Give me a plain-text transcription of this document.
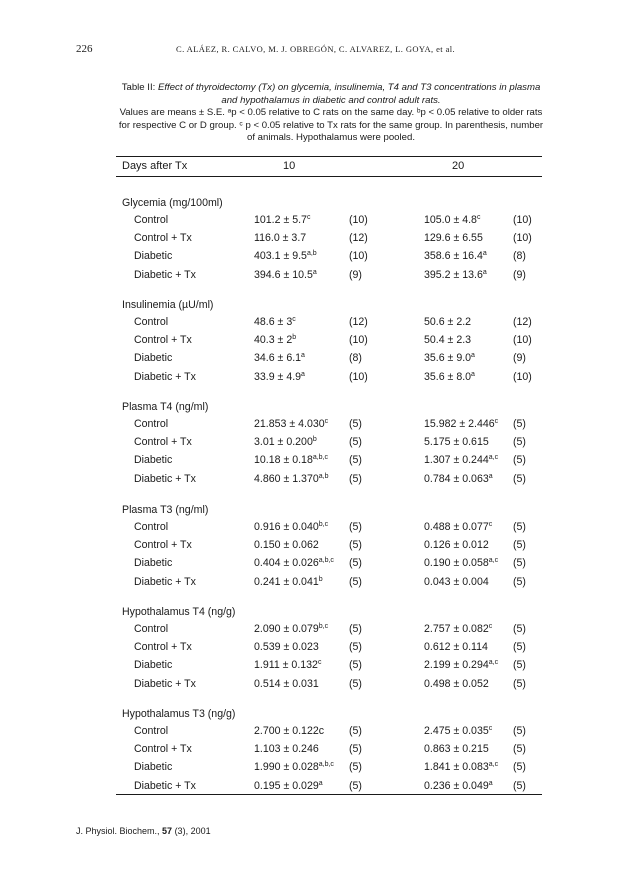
226	C. ALÁEZ, R. CALVO, M. J. OBREGÓN, C. ALVAREZ, L. GOYA, et al.
Table II: Effect of thyroidectomy (Tx) on glycemia, insulinemia, T4 and T3 concentrations in plasma and hypothalamus in diabetic and control adult rats.
Values are means ± S.E. ᵃp < 0.05 relative to C rats on the same day. ᵇp < 0.05 relative to older rats for respective C or D group. ᶜ p < 0.05 relative to Tx rats for the same group. In parenthesis, number of animals. Hypothalamus were pooled.
Days after Tx	10	20
Glycemia (mg/100ml)
Control	101.2 ± 5.7$^c$	(10)	105.0 ± 4.8$^c$	(10)
Control + Tx	116.0 ± 3.7	(12)	129.6 ± 6.55	(10)
Diabetic	$403.1 \pm 9.5^{a,b}$	(10)	358.6 ± 16.4$^a$ (8)
Diabetic + Tx	394.6 ± 10.5$^a$	(9)	395.2 ± 13.6$^a$ (9)
Insulinemia (µU/ml)
Control	$48.6 \pm 3^c$	(12)	50.6 ± 2.2	(12)
Control + Tx	$40.3 \pm 2^b$	(10)	50.4 ± 2.3	(10)
Diabetic	34.6 ± 6.1$^a$	(8)	35.6 ± 9.0$^a$	(9)
Diabetic + Tx	33.9 ± 4.9$^a$	(10)	35.6 ± 8.0$^a$	(10)
Plasma T4 (ng/ml)
Control	21.853 ± 4.030$^c$ (5)	15.982 ± 2.446$^c$ (5)
Control + Tx	3.01 ± 0.200$^b$	(5)	5.175 ± 0.615 (5)
Diabetic	$10.18 \pm 0.18^{a,b,c}$ (5)	$1.307 \pm 0.244^{a,c}$ (5)
Diabetic + Tx	$4.860 \pm 1.370^{a,b}$ (5)	0.784 ± 0.063$^a$ (5)
Plasma T3 (ng/ml)
Control	$0.916 \pm 0.040^{b,c}$ (5)	0.488 ± 0.077$^c$ (5)
Control + Tx	0.150 ± 0.062	(5)	0.126 ± 0.012 (5)
Diabetic	$0.404 \pm 0.026^{a,b,c}$ (5)	$0.190 \pm 0.058^{a,c}$ (5)
Diabetic + Tx	0.241 ± 0.041$^b$ (5)	0.043 ± 0.004 (5)
Hypothalamus T4 (ng/g)
Control	$2.090 \pm 0.079^{b,c}$ (5)	2.757 ± 0.082$^c$ (5)
Control + Tx	0.539 ± 0.023	(5)	0.612 ± 0.114 (5)
Diabetic	1.911 ± 0.132$^c$	(5)	$2.199 \pm 0.294^{a,c}$ (5)
Diabetic + Tx	0.514 ± 0.031	(5)	0.498 ± 0.052 (5)
Hypothalamus T3 (ng/g)
Control	2.700 ± 0.122c (5)	2.475 ± 0.035$^c$ (5)
Control + Tx	1.103 ± 0.246	(5)	0.863 ± 0.215 (5)
Diabetic	$1.990 \pm 0.028^{a,b,c}$ (5)	$1.841 \pm 0.083^{a,c}$ (5)
Diabetic + Tx	0.195 ± 0.029$^a$ (5)	0.236 ± 0.049$^a$ (5)
J. Physiol. Biochem., 57 (3), 2001
